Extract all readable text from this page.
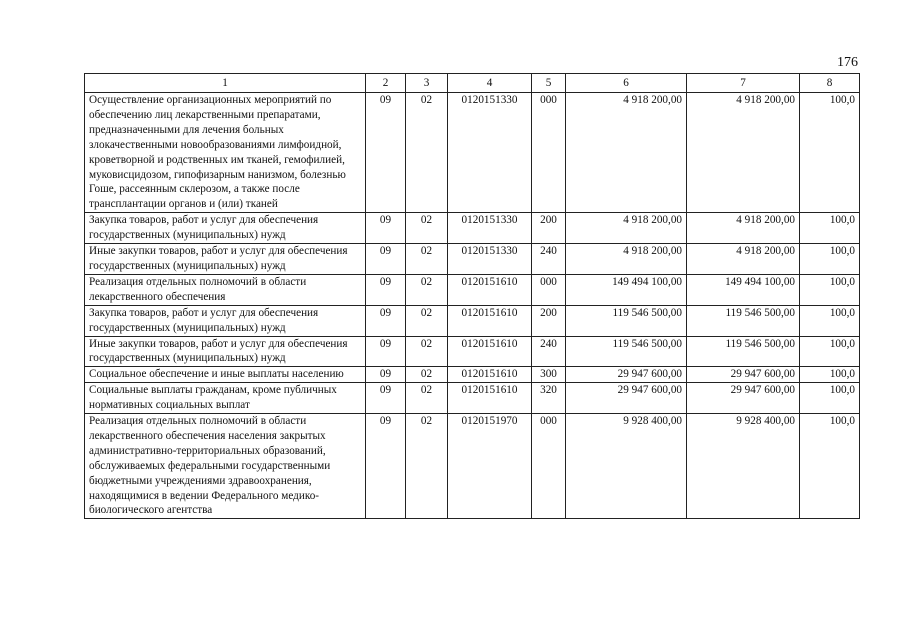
176
1	2	3	4	5	6	7	8
Осуществление организационных мероприятий по обеспечению лиц лекарственными препаратами, предназначенными для лечения больных злокачественными новообразованиями лимфоидной, кроветворной и родственных им тканей, гемофилией, муковисцидозом, гипофизарным нанизмом, болезнью Гоше, рассеянным склерозом, а также после трансплантации органов и (или) тканей	09	02	0120151330	000	4 918 200,00	4 918 200,00	100,0
Закупка товаров, работ и услуг для обеспечения государственных (муниципальных) нужд	09	02	0120151330	200	4 918 200,00	4 918 200,00	100,0
Иные закупки товаров, работ и услуг для обеспечения государственных (муниципальных) нужд	09	02	0120151330	240	4 918 200,00	4 918 200,00	100,0
Реализация отдельных полномочий в области лекарственного обеспечения	09	02	0120151610	000	149 494 100,00	149 494 100,00	100,0
Закупка товаров, работ и услуг для обеспечения государственных (муниципальных) нужд	09	02	0120151610	200	119 546 500,00	119 546 500,00	100,0
Иные закупки товаров, работ и услуг для обеспечения государственных (муниципальных) нужд	09	02	0120151610	240	119 546 500,00	119 546 500,00	100,0
Социальное обеспечение и иные выплаты населению	09	02	0120151610	300	29 947 600,00	29 947 600,00	100,0
Социальные выплаты гражданам, кроме публичных нормативных социальных выплат	09	02	0120151610	320	29 947 600,00	29 947 600,00	100,0
Реализация отдельных полномочий в области лекарственного обеспечения населения закрытых административно-территориальных образований, обслуживаемых федеральными государственными бюджетными учреждениями здравоохранения, находящимися в ведении Федерального медико-биологического агентства	09	02	0120151970	000	9 928 400,00	9 928 400,00	100,0
